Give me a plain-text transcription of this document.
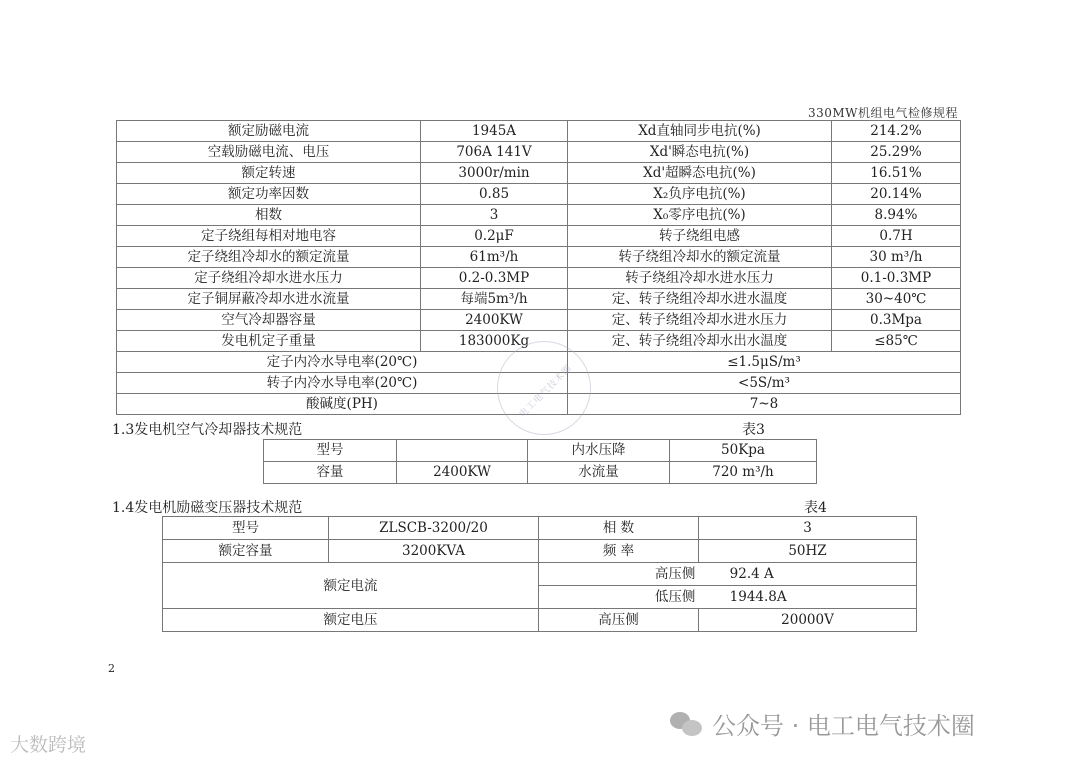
330MW机组电气检修规程
额定励磁电流	1945A	Xd直轴同步电抗(%)	214.2%
空载励磁电流、电压	706A 141V	Xd'瞬态电抗(%)	25.29%
额定转速	3000r/min	Xd'超瞬态电抗(%)	16.51%
额定功率因数	0.85	X₂负序电抗(%)	20.14%
相数	3	X₀零序电抗(%)	8.94%
定子绕组每相对地电容	0.2μF	转子绕组电感	0.7H
定子绕组冷却水的额定流量	61m³/h	转子绕组冷却水的额定流量	30 m³/h
定子绕组冷却水进水压力	0.2-0.3MP	转子绕组冷却水进水压力	0.1-0.3MP
定子铜屏蔽冷却水进水流量	每端5m³/h	定、转子绕组冷却水进水温度	30~40℃
空气冷却器容量	2400KW	定、转子绕组冷却水进水压力	0.3Mpa
发电机定子重量	183000Kg	定、转子绕组冷却水出水温度	≤85℃
定子内冷水导电率(20℃)		≤1.5μS/m³	
转子内冷水导电率(20℃)		<5S/m³	
酸碱度(PH)		7~8	
电工电气技术圈
1.3发电机空气冷却器技术规范	表3
型号		内水压降	50Kpa
容量	2400KW	水流量	720 m³/h
1.4发电机励磁变压器技术规范	表4
型号	ZLSCB-3200/20	相 数	3
额定容量	3200KVA	频 率	50HZ
额定电流		高压侧 92.4 A	
		低压侧 1944.8A	
额定电压		高压侧	20000V
2
大数跨境
公众号 · 电工电气技术圈
